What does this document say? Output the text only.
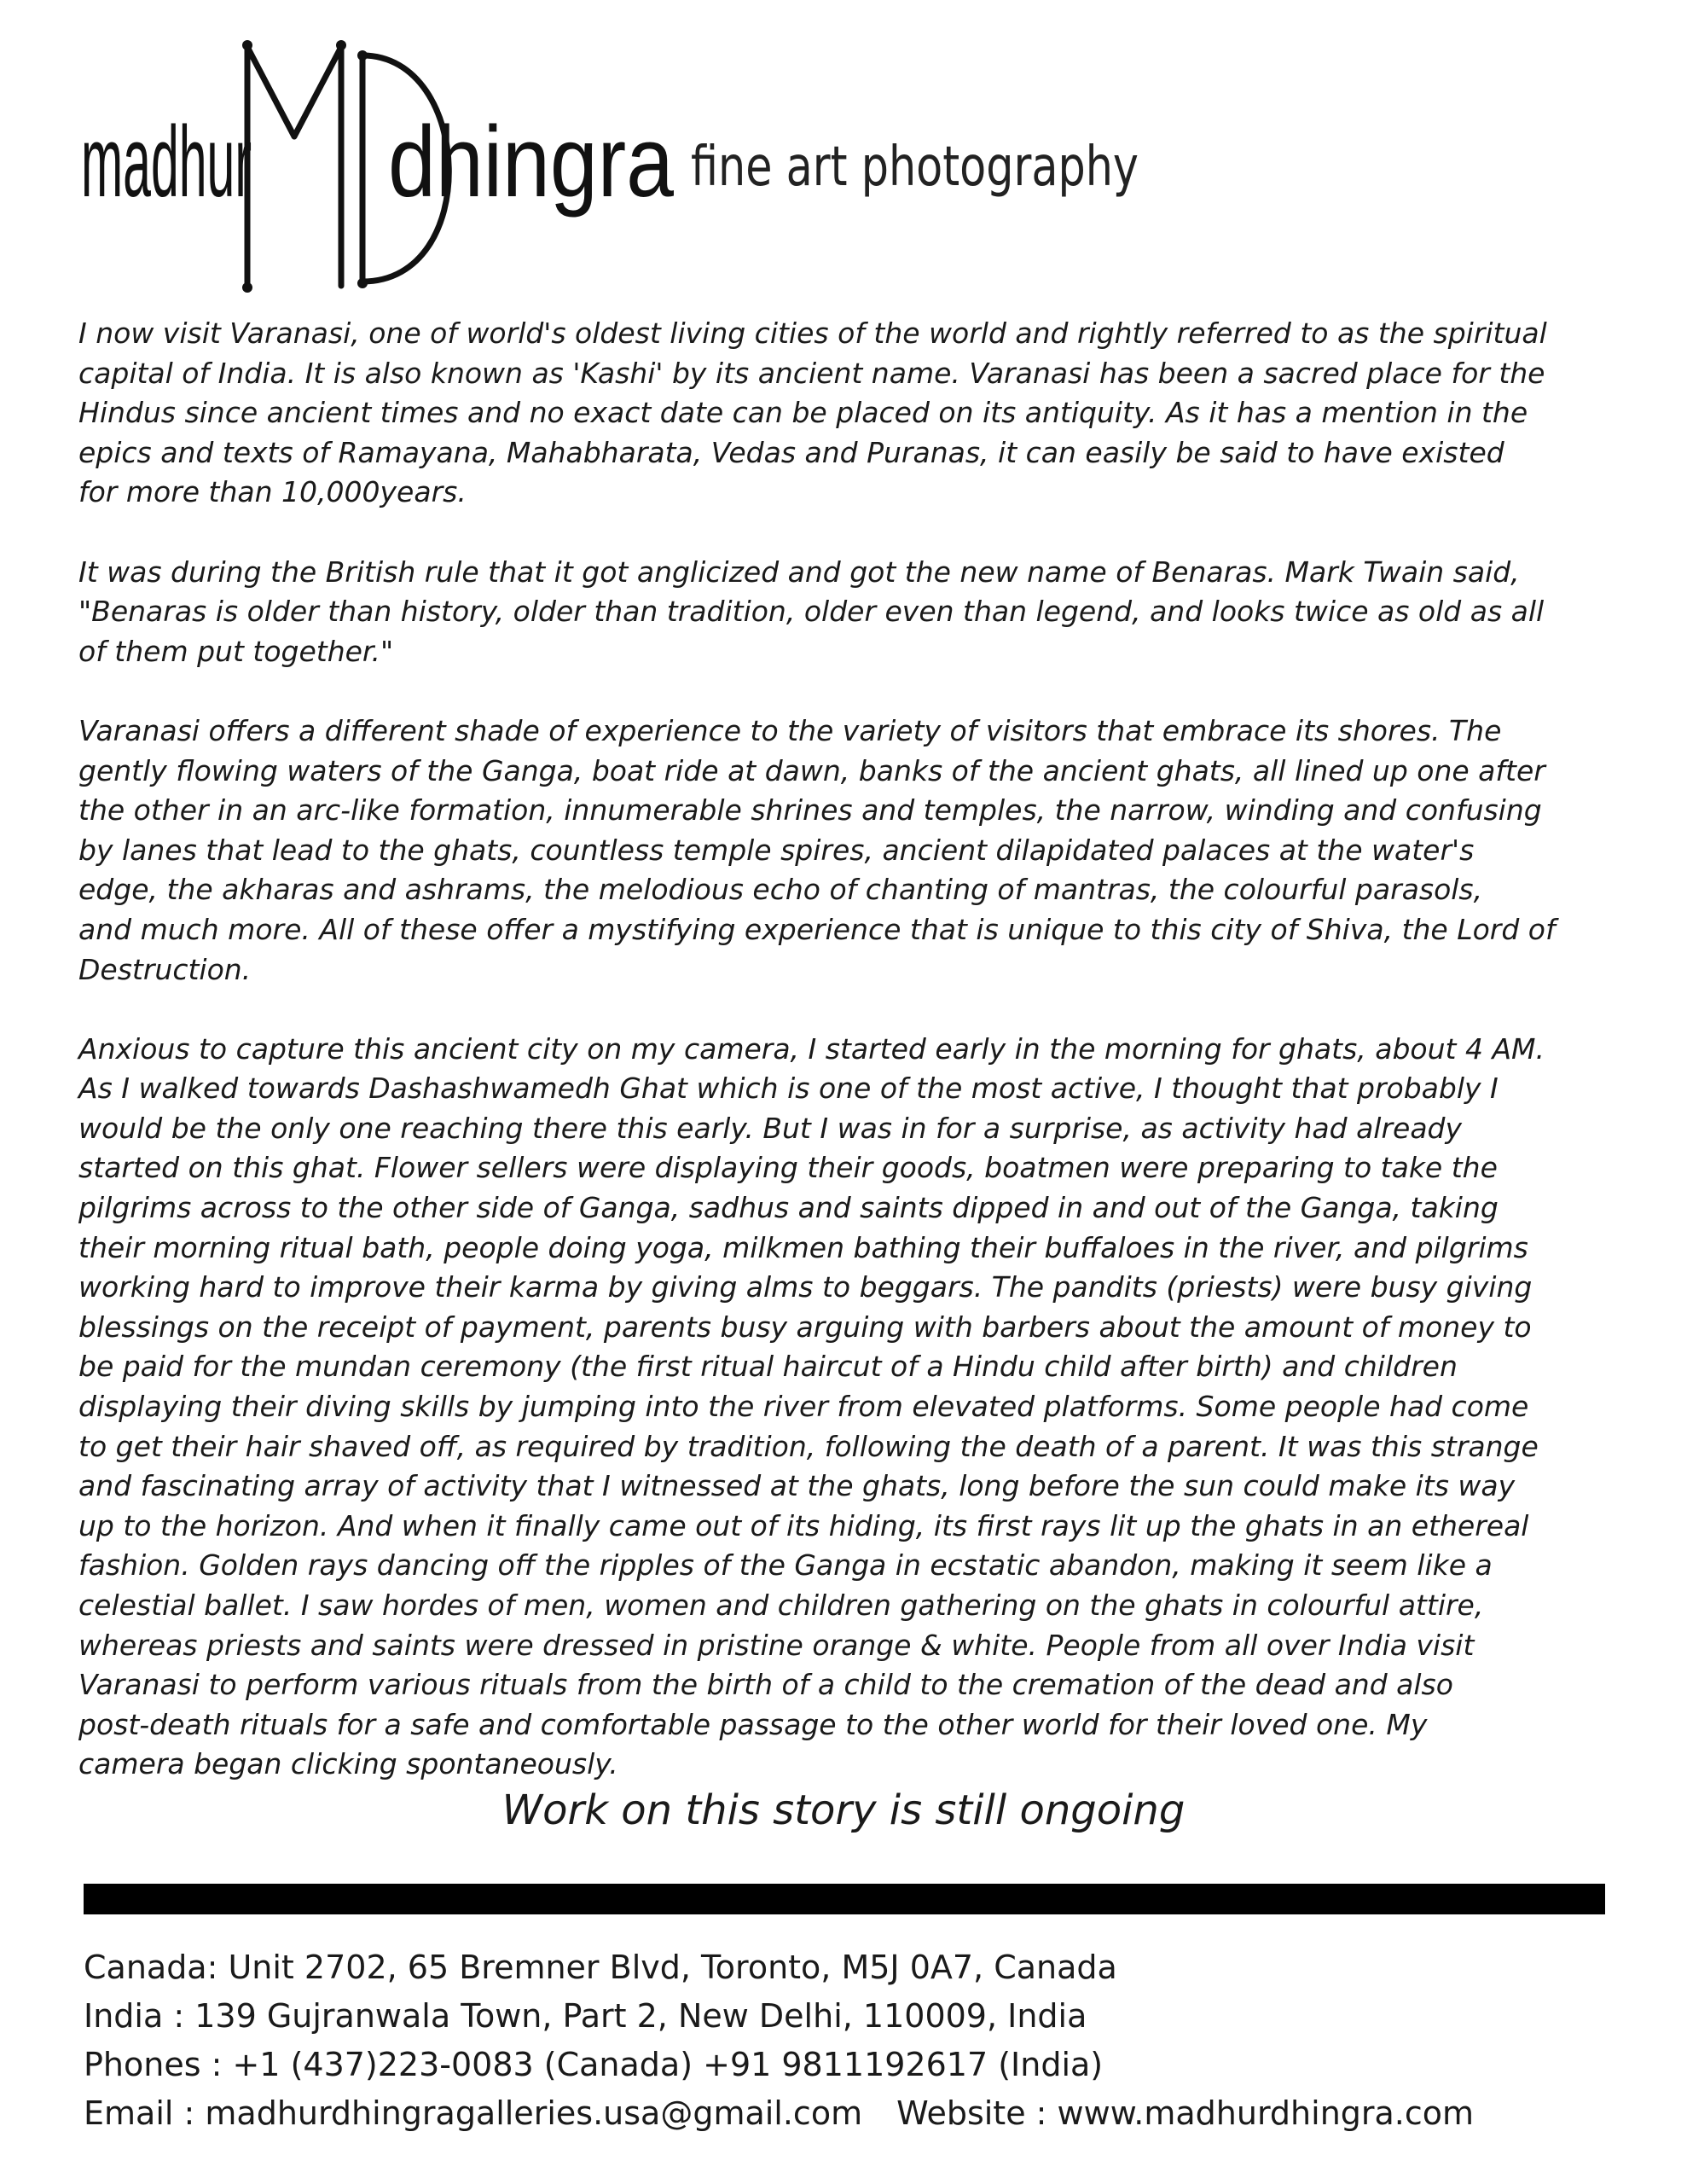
madhur dhingra fine art photography

I now visit Varanasi, one of world's oldest living cities of the world and rightly referred to as the spiritual
capital of India. It is also known as 'Kashi' by its ancient name. Varanasi has been a sacred place for the
Hindus since ancient times and no exact date can be placed on its antiquity. As it has a mention in the
epics and texts of Ramayana, Mahabharata, Vedas and Puranas, it can easily be said to have existed
for more than 10,000years.

It was during the British rule that it got anglicized and got the new name of Benaras. Mark Twain said,
"Benaras is older than history, older than tradition, older even than legend, and looks twice as old as all
of them put together."

Varanasi offers a different shade of experience to the variety of visitors that embrace its shores. The
gently flowing waters of the Ganga, boat ride at dawn, banks of the ancient ghats, all lined up one after
the other in an arc-like formation, innumerable shrines and temples, the narrow, winding and confusing
by lanes that lead to the ghats, countless temple spires, ancient dilapidated palaces at the water's
edge, the akharas and ashrams, the melodious echo of chanting of mantras, the colourful parasols,
and much more. All of these offer a mystifying experience that is unique to this city of Shiva, the Lord of
Destruction.

Anxious to capture this ancient city on my camera, I started early in the morning for ghats, about 4 AM.
As I walked towards Dashashwamedh Ghat which is one of the most active, I thought that probably I
would be the only one reaching there this early. But I was in for a surprise, as activity had already
started on this ghat. Flower sellers were displaying their goods, boatmen were preparing to take the
pilgrims across to the other side of Ganga, sadhus and saints dipped in and out of the Ganga, taking
their morning ritual bath, people doing yoga, milkmen bathing their buffaloes in the river, and pilgrims
working hard to improve their karma by giving alms to beggars. The pandits (priests) were busy giving
blessings on the receipt of payment, parents busy arguing with barbers about the amount of money to
be paid for the mundan ceremony (the first ritual haircut of a Hindu child after birth) and children
displaying their diving skills by jumping into the river from elevated platforms. Some people had come
to get their hair shaved off, as required by tradition, following the death of a parent. It was this strange
and fascinating array of activity that I witnessed at the ghats, long before the sun could make its way
up to the horizon. And when it finally came out of its hiding, its first rays lit up the ghats in an ethereal
fashion. Golden rays dancing off the ripples of the Ganga in ecstatic abandon, making it seem like a
celestial ballet. I saw hordes of men, women and children gathering on the ghats in colourful attire,
whereas priests and saints were dressed in pristine orange & white. People from all over India visit
Varanasi to perform various rituals from the birth of a child to the cremation of the dead and also
post-death rituals for a safe and comfortable passage to the other world for their loved one. My
camera began clicking spontaneously.

Work on this story is still ongoing
Canada: Unit 2702, 65 Bremner Blvd, Toronto, M5J 0A7, Canada
India : 139 Gujranwala Town, Part 2, New Delhi, 110009, India
Phones : +1 (437)223-0083 (Canada) +91 9811192617 (India)
Email : madhurdhingragalleries.usa@gmail.com Website : www.madhurdhingra.com
